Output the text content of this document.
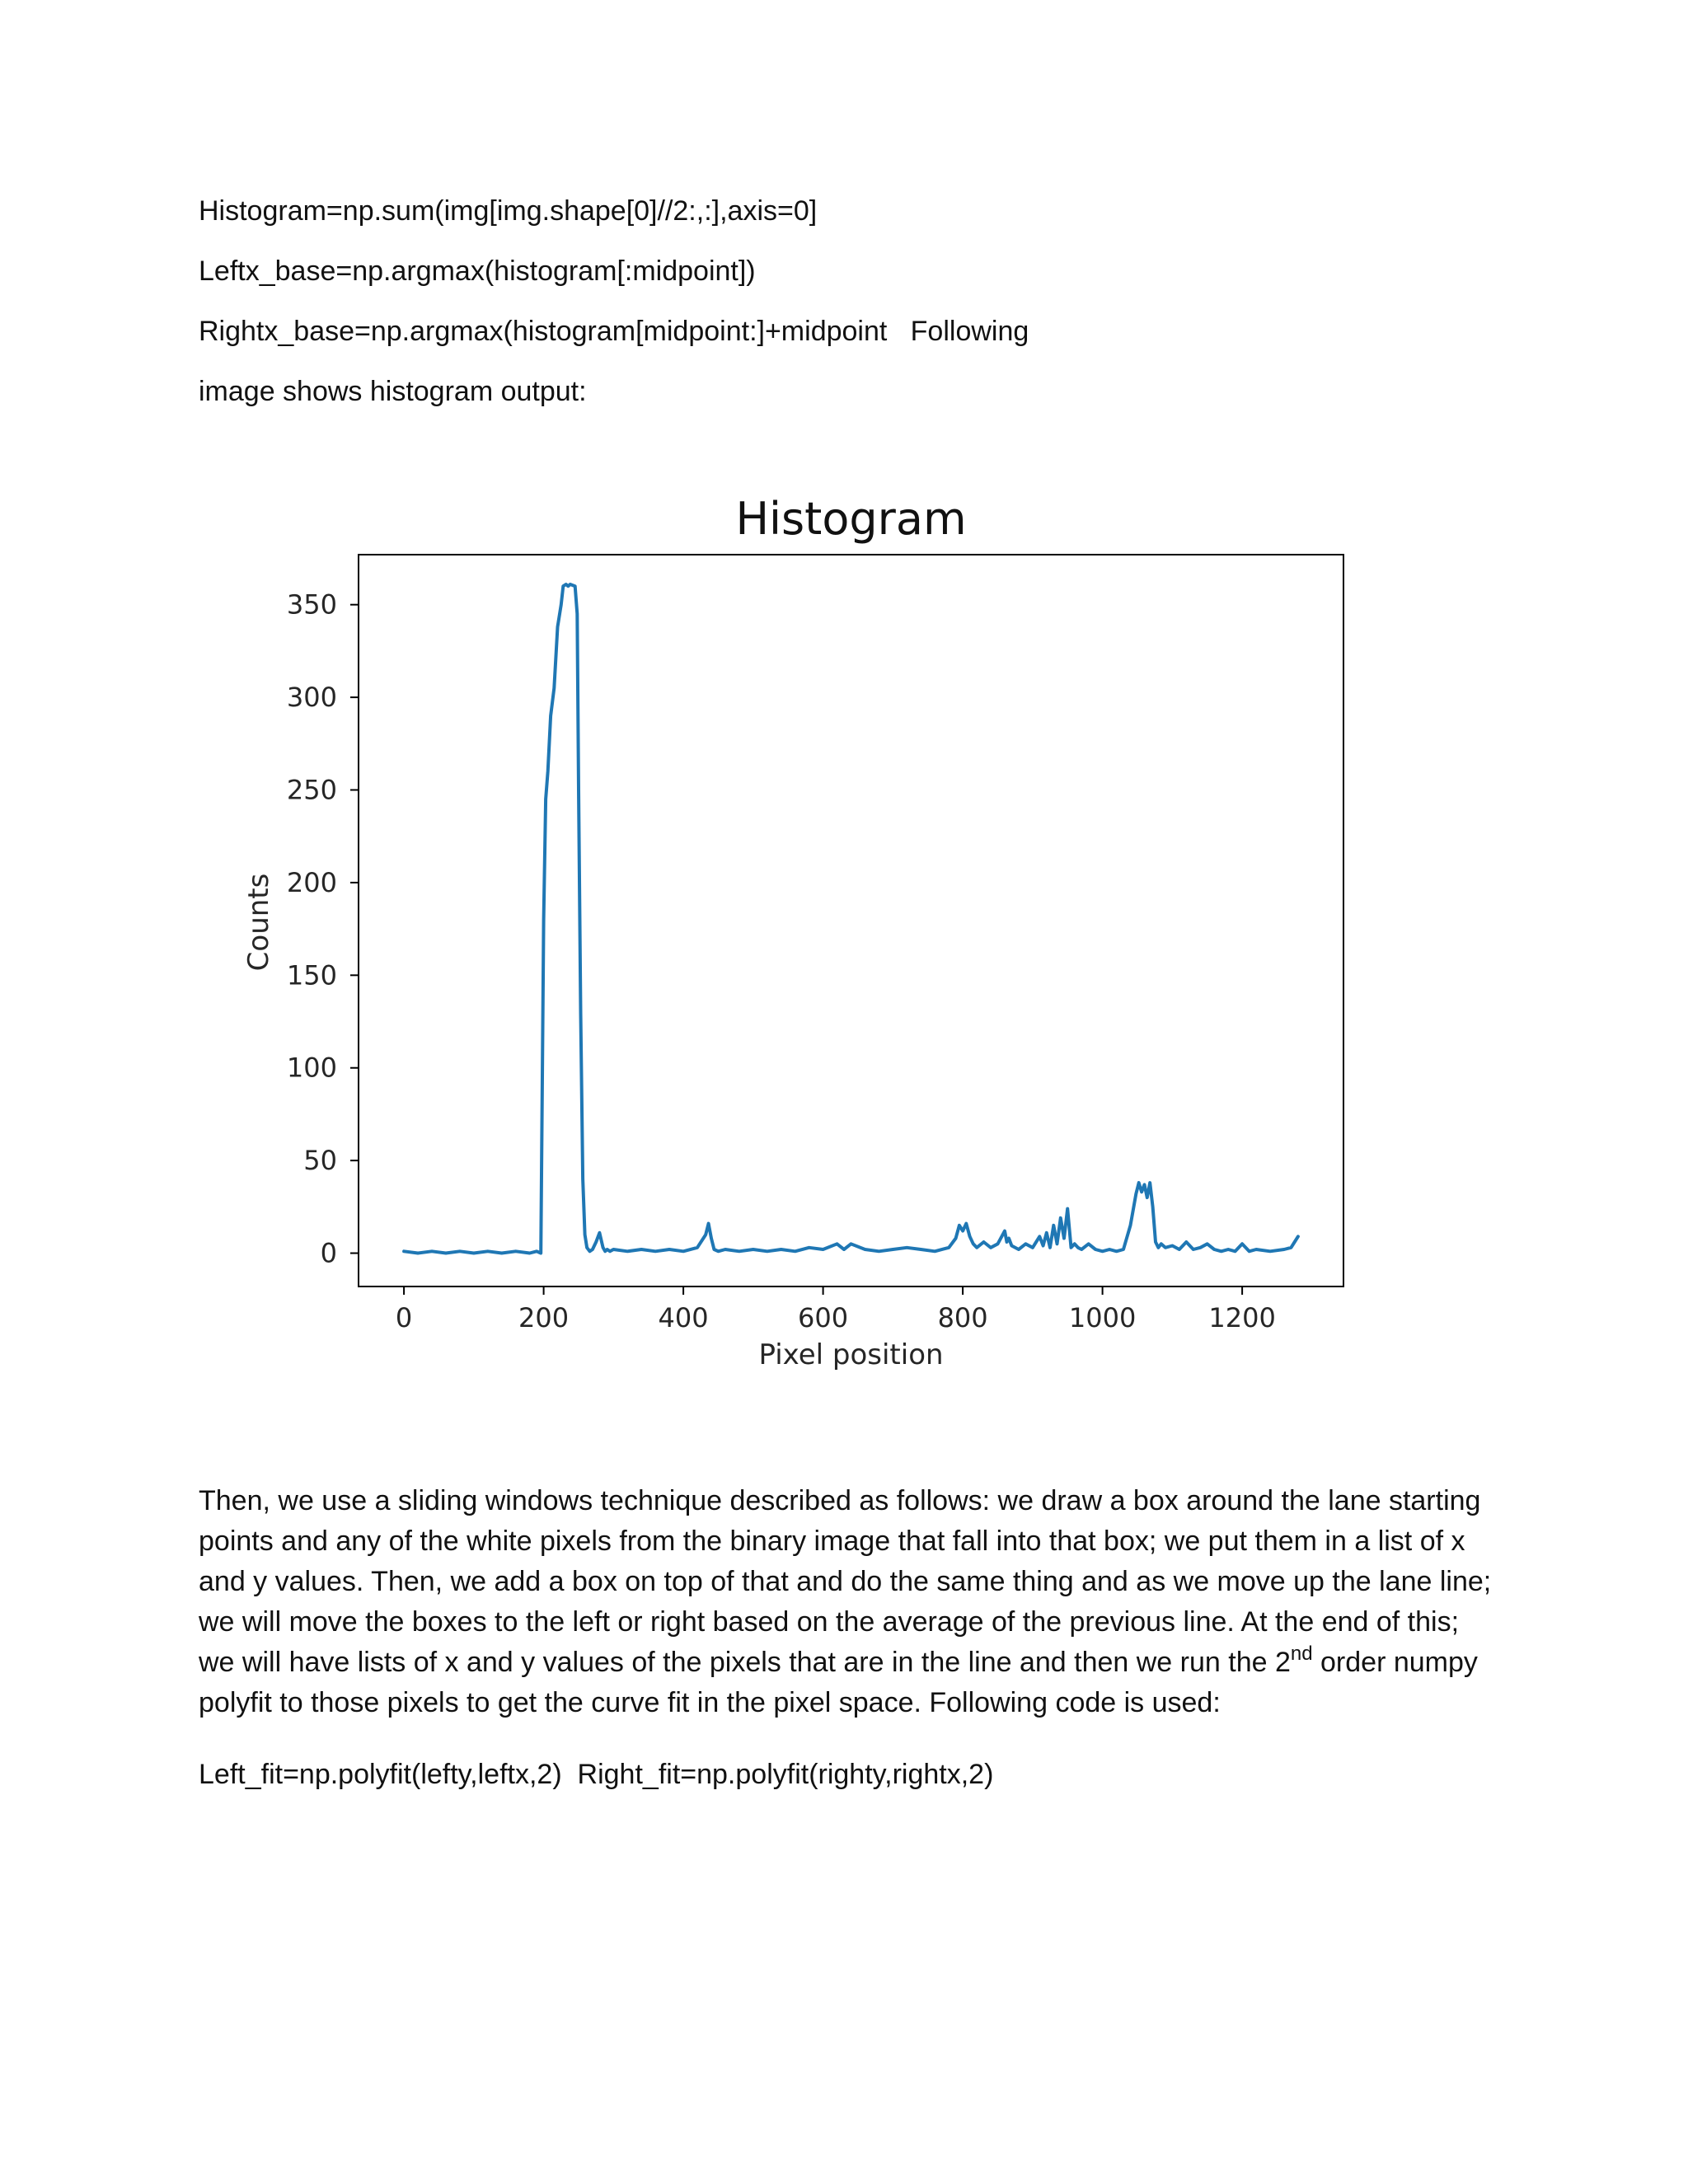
Histogram=np.sum(img[img.shape[0]//2:,:],axis=0]
Leftx_base=np.argmax(histogram[:midpoint])
Rightx_base=np.argmax(histogram[midpoint:]+midpoint   Following
image shows histogram output:
Histogram
0	200	400	600	800	1000	1200
0
50
100
150
200
250
300
350
Pixel position
Counts
Then, we use a sliding windows technique described as follows: we draw a box around the lane starting points and any of the white pixels from the binary image that fall into that box; we put them in a list of x and y values. Then, we add a box on top of that and do the same thing and as we move up the lane line; we will move the boxes to the left or right based on the average of the previous line. At the end of this; we will have lists of x and y values of the pixels that are in the line and then we run the 2nd order numpy polyfit to those pixels to get the curve fit in the pixel space. Following code is used:
Left_fit=np.polyfit(lefty,leftx,2)  Right_fit=np.polyfit(righty,rightx,2)
